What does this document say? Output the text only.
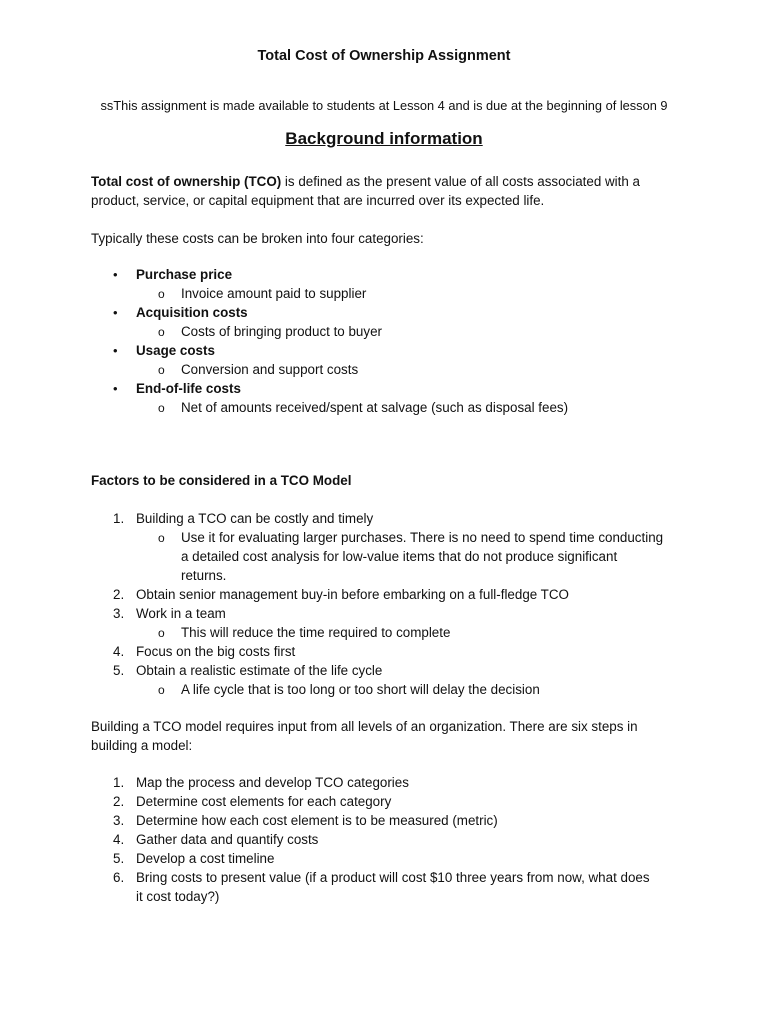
Total Cost of Ownership Assignment
ssThis assignment is made available to students at Lesson 4 and is due at the beginning of lesson 9
Background information
Total cost of ownership (TCO) is defined as the present value of all costs associated with a
product, service, or capital equipment that are incurred over its expected life.
Typically these costs can be broken into four categories:
• Purchase price
o Invoice amount paid to supplier
• Acquisition costs
o Costs of bringing product to buyer
• Usage costs
o Conversion and support costs
• End-of-life costs
o Net of amounts received/spent at salvage (such as disposal fees)
Factors to be considered in a TCO Model
1. Building a TCO can be costly and timely
o Use it for evaluating larger purchases. There is no need to spend time conducting
a detailed cost analysis for low-value items that do not produce significant
returns.
2. Obtain senior management buy-in before embarking on a full-fledge TCO
3. Work in a team
o This will reduce the time required to complete
4. Focus on the big costs first
5. Obtain a realistic estimate of the life cycle
o A life cycle that is too long or too short will delay the decision
Building a TCO model requires input from all levels of an organization. There are six steps in
building a model:
1. Map the process and develop TCO categories
2. Determine cost elements for each category
3. Determine how each cost element is to be measured (metric)
4. Gather data and quantify costs
5. Develop a cost timeline
6. Bring costs to present value (if a product will cost $10 three years from now, what does
it cost today?)
